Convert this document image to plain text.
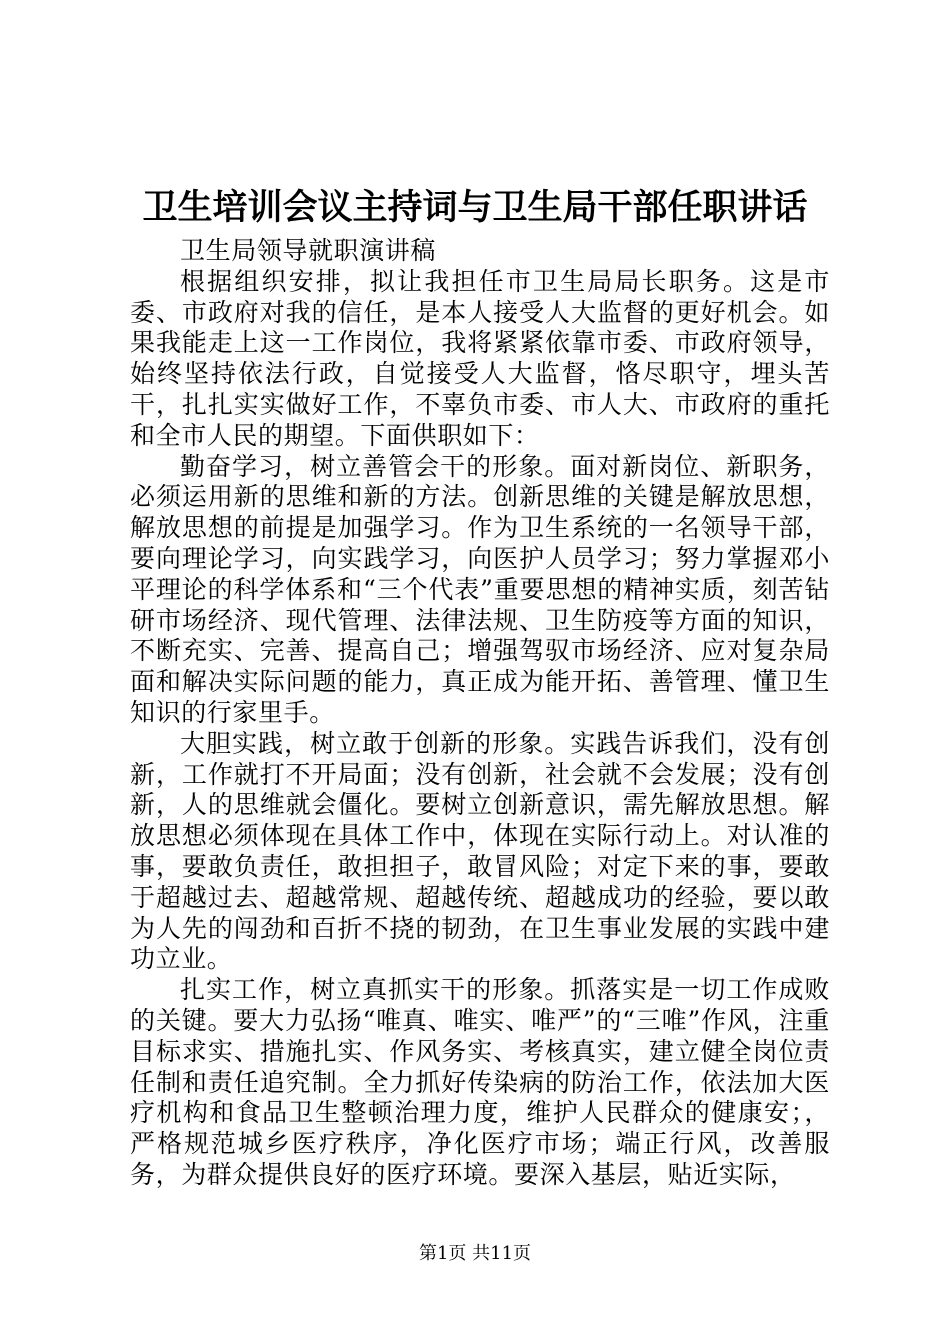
卫生培训会议主持词与卫生局干部任职讲话

卫生局领导就职演讲稿

根据组织安排，拟让我担任市卫生局局长职务。这是市委、市政府对我的信任，是本人接受人大监督的更好机会。如果我能走上这一工作岗位，我将紧紧依靠市委、市政府领导，始终坚持依法行政，自觉接受人大监督，恪尽职守，埋头苦干，扎扎实实做好工作，不辜负市委、市人大、市政府的重托和全市人民的期望。下面供职如下：

勤奋学习，树立善管会干的形象。面对新岗位、新职务，必须运用新的思维和新的方法。创新思维的关键是解放思想，解放思想的前提是加强学习。作为卫生系统的一名领导干部，要向理论学习，向实践学习，向医护人员学习；努力掌握邓小平理论的科学体系和“三个代表”重要思想的精神实质，刻苦钻研市场经济、现代管理、法律法规、卫生防疫等方面的知识，不断充实、完善、提高自己；增强驾驭市场经济、应对复杂局面和解决实际问题的能力，真正成为能开拓、善管理、懂卫生知识的行家里手。

大胆实践，树立敢于创新的形象。实践告诉我们，没有创新，工作就打不开局面；没有创新，社会就不会发展；没有创新，人的思维就会僵化。要树立创新意识，需先解放思想。解放思想必须体现在具体工作中，体现在实际行动上。对认准的事，要敢负责任，敢担担子，敢冒风险；对定下来的事，要敢于超越过去、超越常规、超越传统、超越成功的经验，要以敢为人先的闯劲和百折不挠的韧劲，在卫生事业发展的实践中建功立业。

扎实工作，树立真抓实干的形象。抓落实是一切工作成败的关键。要大力弘扬“唯真、唯实、唯严”的“三唯”作风，注重目标求实、措施扎实、作风务实、考核真实，建立健全岗位责任制和责任追究制。全力抓好传染病的防治工作，依法加大医疗机构和食品卫生整顿治理力度，维护人民群众的健康安；，严格规范城乡医疗秩序，净化医疗市场；端正行风，改善服务，为群众提供良好的医疗环境。要深入基层，贴近实际，

第1页 共11页
